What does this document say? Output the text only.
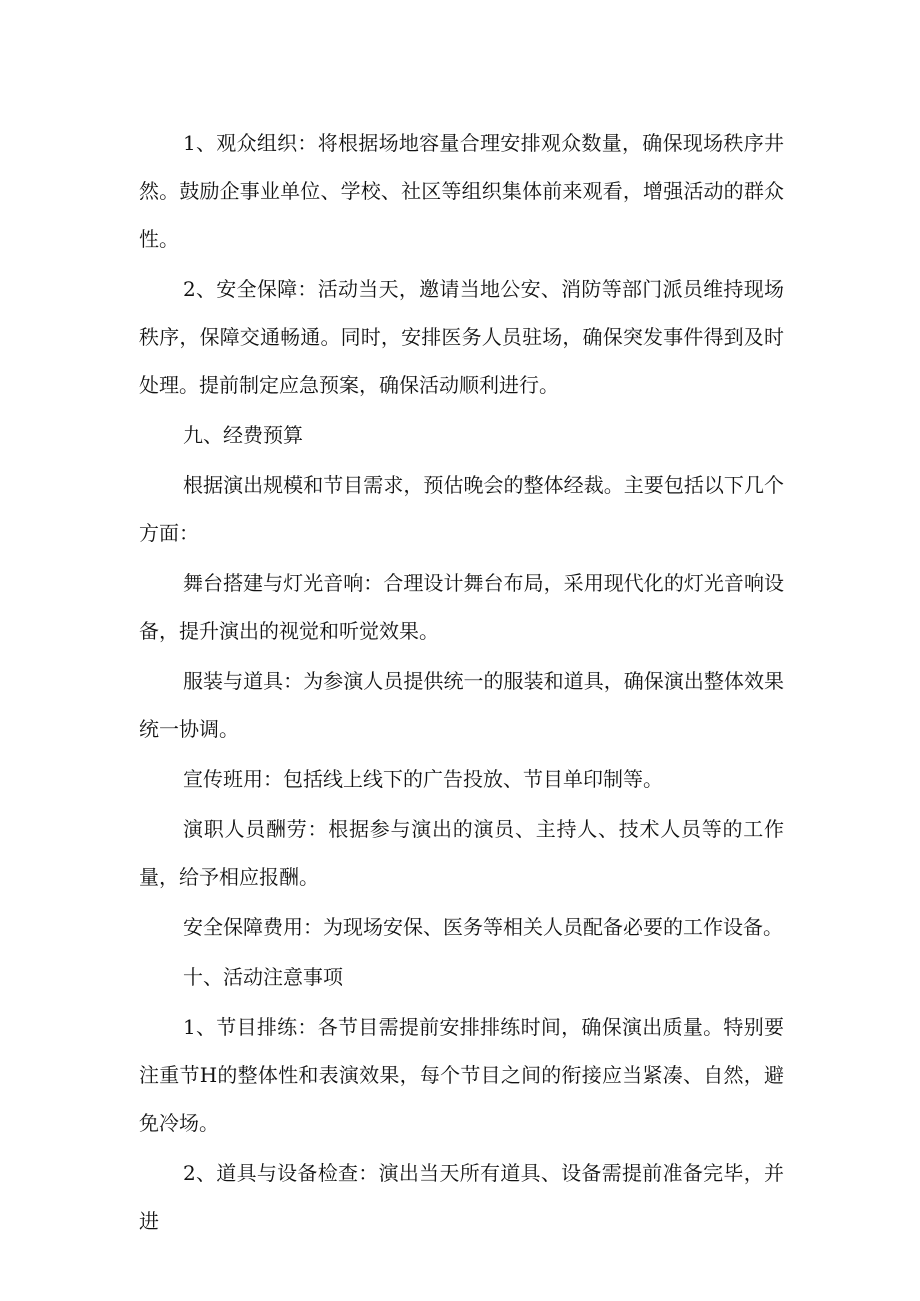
1、观众组织：将根据场地容量合理安排观众数量，确保现场秩序井然。鼓励企事业单位、学校、社区等组织集体前来观看，增强活动的群众性。

2、安全保障：活动当天，邀请当地公安、消防等部门派员维持现场秩序，保障交通畅通。同时，安排医务人员驻场，确保突发事件得到及时处理。提前制定应急预案，确保活动顺利进行。

九、经费预算

根据演出规模和节目需求，预估晚会的整体经裁。主要包括以下几个方面：

舞台搭建与灯光音响：合理设计舞台布局，采用现代化的灯光音响设备，提升演出的视觉和听觉效果。

服装与道具：为参演人员提供统一的服装和道具，确保演出整体效果统一协调。

宣传班用：包括线上线下的广告投放、节目单印制等。

演职人员酬劳：根据参与演出的演员、主持人、技术人员等的工作量，给予相应报酬。

安全保障费用：为现场安保、医务等相关人员配备必要的工作设备。

十、活动注意事项

1、节目排练：各节目需提前安排排练时间，确保演出质量。特别要注重节H的整体性和表演效果，每个节目之间的衔接应当紧凑、自然，避免冷场。

2、道具与设备检查：演出当天所有道具、设备需提前准备完毕，并进
